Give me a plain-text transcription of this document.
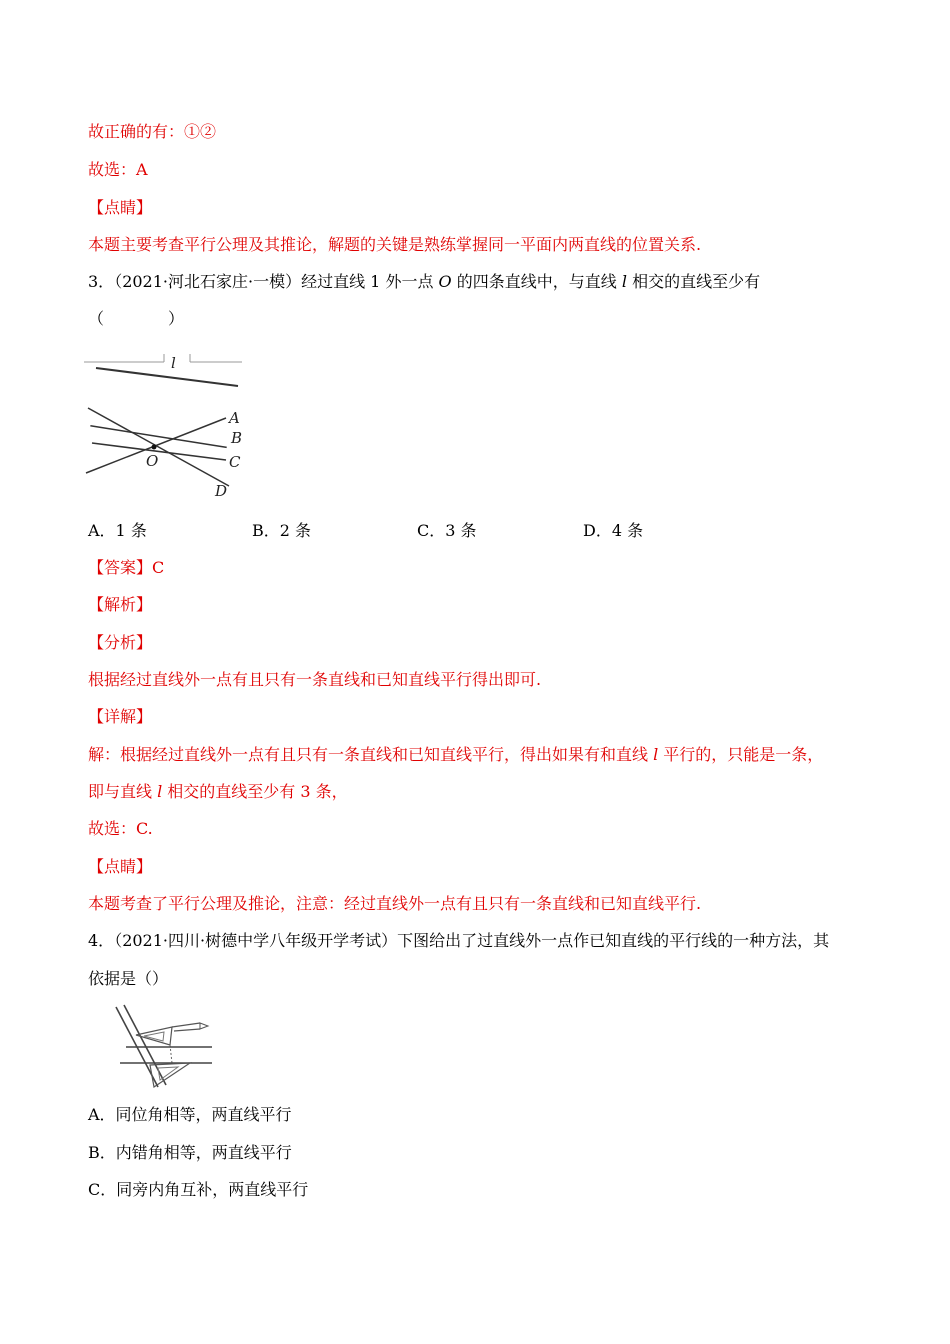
故正确的有：①②
故选：A
【点睛】
本题主要考查平行公理及其推论，解题的关键是熟练掌握同一平面内两直线的位置关系.
3．（2021·河北石家庄·一模）经过直线 1 外一点 O 的四条直线中，与直线 l 相交的直线至少有
（　　　　）
l
O
A
B
C
D
A．1 条	B．2 条	C．3 条	D．4 条
【答案】C
【解析】
【分析】
根据经过直线外一点有且只有一条直线和已知直线平行得出即可.
【详解】
解：根据经过直线外一点有且只有一条直线和已知直线平行，得出如果有和直线 l 平行的，只能是一条，
即与直线 l 相交的直线至少有 3 条，
故选：C.
【点睛】
本题考查了平行公理及推论，注意：经过直线外一点有且只有一条直线和已知直线平行.
4．（2021·四川·树德中学八年级开学考试）下图给出了过直线外一点作已知直线的平行线的一种方法，其
依据是（）
A．同位角相等，两直线平行
B．内错角相等，两直线平行
C．同旁内角互补，两直线平行
